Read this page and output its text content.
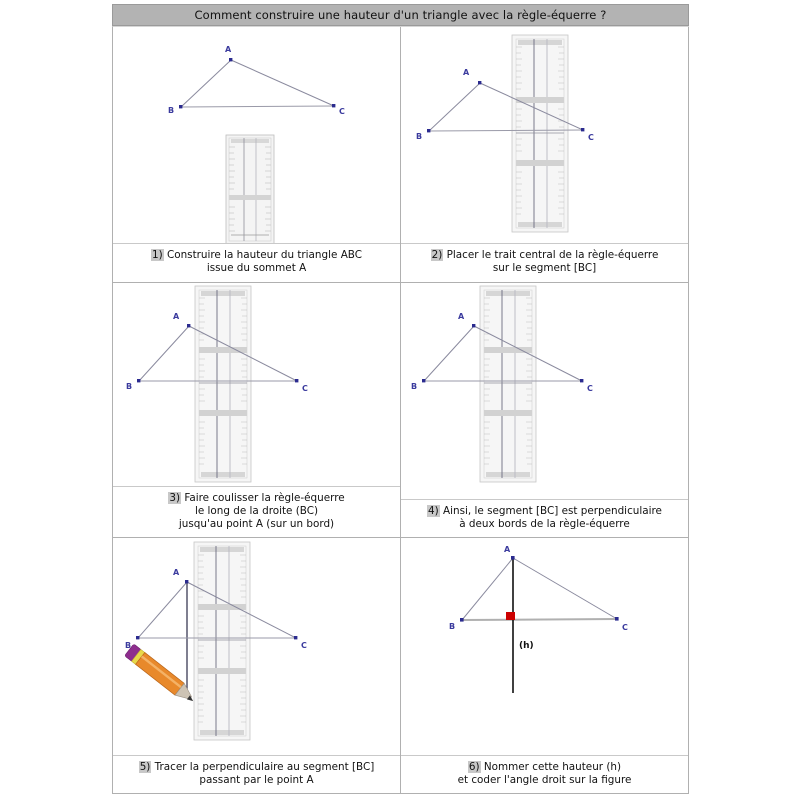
Comment construire une hauteur d'un triangle avec la règle-équerre ?
A
B	C
1) Construire la hauteur du triangle ABC
issue du sommet A
A
B	C
2) Placer le trait central de la règle-équerre
sur le segment [BC]
A
B	C
3) Faire coulisser la règle-équerre
le long de la droite (BC)
jusqu'au point A (sur un bord)
A
B	C
4) Ainsi, le segment [BC] est perpendiculaire
à deux bords de la règle-équerre
A
B	C
5) Tracer la perpendiculaire au segment [BC]
passant par le point A
A
B	C
(h)
6) Nommer cette hauteur (h)
et coder l'angle droit sur la figure
